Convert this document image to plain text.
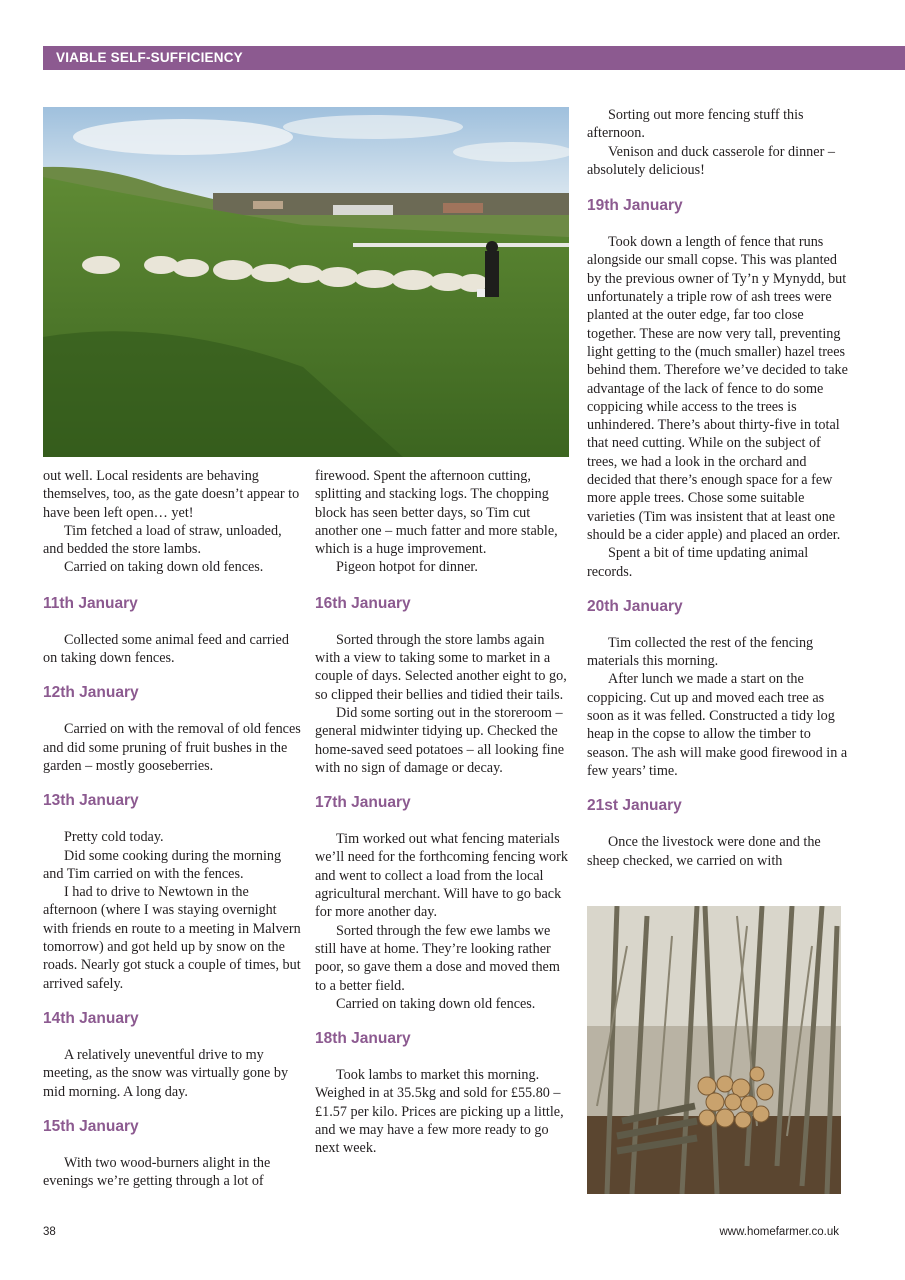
VIABLE SELF-SUFFICIENCY

out well. Local residents are behaving themselves, too, as the gate doesn’t appear to have been left open… yet!

Tim fetched a load of straw, unloaded, and bedded the store lambs.

Carried on taking down old fences.

11th January

Collected some animal feed and carried on taking down fences.

12th January

Carried on with the removal of old fences and did some pruning of fruit bushes in the garden – mostly gooseberries.

13th January

Pretty cold today.

Did some cooking during the morning and Tim carried on with the fences.

I had to drive to Newtown in the afternoon (where I was staying overnight with friends en route to a meeting in Malvern tomorrow) and got held up by snow on the roads. Nearly got stuck a couple of times, but arrived safely.

14th January

A relatively uneventful drive to my meeting, as the snow was virtually gone by mid morning. A long day.

15th January

With two wood-burners alight in the evenings we’re getting through a lot of

firewood. Spent the afternoon cutting, splitting and stacking logs. The chopping block has seen better days, so Tim cut another one – much fatter and more stable, which is a huge improvement.

Pigeon hotpot for dinner.

16th January

Sorted through the store lambs again with a view to taking some to market in a couple of days. Selected another eight to go, so clipped their bellies and tidied their tails.

Did some sorting out in the storeroom – general midwinter tidying up. Checked the home-saved seed potatoes – all looking fine with no sign of damage or decay.

17th January

Tim worked out what fencing materials we’ll need for the forthcoming fencing work and went to collect a load from the local agricultural merchant. Will have to go back for more another day.

Sorted through the few ewe lambs we still have at home. They’re looking rather poor, so gave them a dose and moved them to a better field.

Carried on taking down old fences.

18th January

Took lambs to market this morning. Weighed in at 35.5kg and sold for £55.80 – £1.57 per kilo. Prices are picking up a little, and we may have a few more ready to go next week.

Sorting out more fencing stuff this afternoon.

Venison and duck casserole for dinner – absolutely delicious!

19th January

Took down a length of fence that runs alongside our small copse. This was planted by the previous owner of Ty’n y Mynydd, but unfortunately a triple row of ash trees were planted at the outer edge, far too close together. These are now very tall, preventing light getting to the (much smaller) hazel trees behind them. Therefore we’ve decided to take advantage of the lack of fence to do some coppicing while access to the trees is unhindered. There’s about thirty-five in total that need cutting. While on the subject of trees, we had a look in the orchard and decided that there’s enough space for a few more apple trees. Chose some suitable varieties (Tim was insistent that at least one should be a cider apple) and placed an order.

Spent a bit of time updating animal records.

20th January

Tim collected the rest of the fencing materials this morning.

After lunch we made a start on the coppicing. Cut up and moved each tree as soon as it was felled. Constructed a tidy log heap in the copse to allow the timber to season. The ash will make good firewood in a few years’ time.

21st January

Once the livestock were done and the sheep checked, we carried on with

38	www.homefarmer.co.uk
